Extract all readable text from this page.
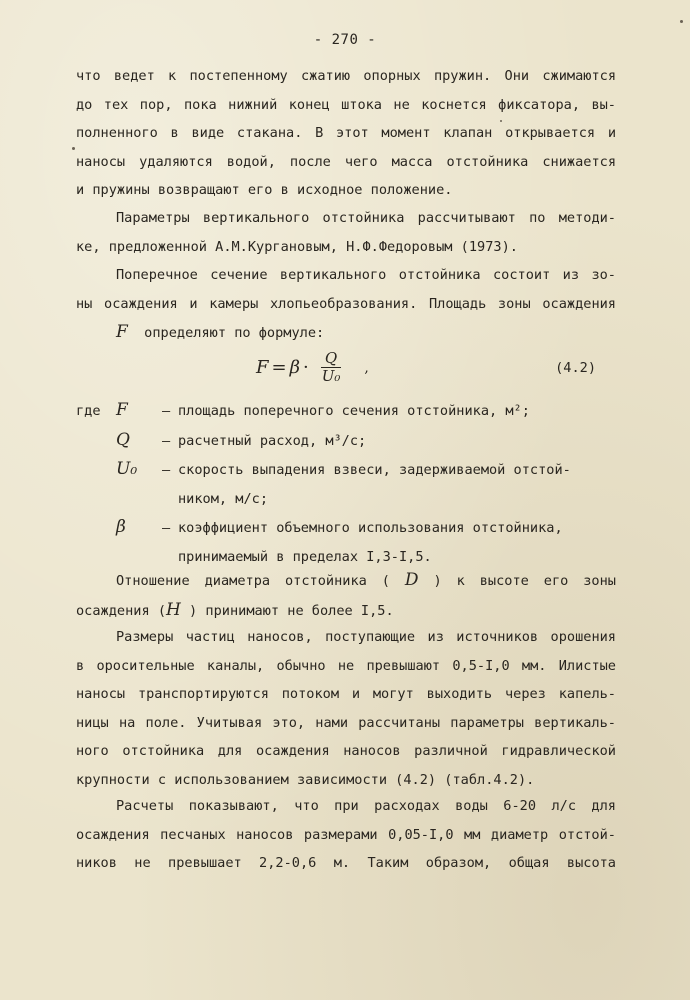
- 270 -
что ведет к постепенному сжатию опорных пружин. Они сжимаются
до тех пор, пока нижний конец штока не коснется фиксатора, вы-
полненного в виде стакана. В этот момент клапан открывается и
наносы удаляются водой, после чего масса отстойника снижается
и пружины возвращают его в исходное положение.
Параметры вертикального отстойника рассчитывают по методи-
ке, предложенной А.М.Кургановым, Н.Ф.Федоровым (1973).
Поперечное сечение вертикального отстойника состоит из зо-
ны осаждения и камеры хлопьеобразования. Площадь зоны осаждения
F определяют по формуле:
$F = \beta \cdot \frac{Q}{\text{U₀}}$ ,	(4.2)
где F	– площадь поперечного сечения отстойника, м²;
Q	– расчетный расход, м³/с;
U₀	– скорость выпадения взвеси, задерживаемой отстой-
ником, м/с;
β	– коэффициент объемного использования отстойника,
принимаемый в пределах I,3-I,5.
Отношение диаметра отстойника ( D ) к высоте его зоны
осаждения (H ) принимают не более I,5.
Размеры частиц наносов, поступающие из источников орошения
в оросительные каналы, обычно не превышают 0,5-I,0 мм. Илистые
наносы транспортируются потоком и могут выходить через капель-
ницы на поле. Учитывая это, нами рассчитаны параметры вертикаль-
ного отстойника для осаждения наносов различной гидравлической
крупности с использованием зависимости (4.2) (табл.4.2).
Расчеты показывают, что при расходах воды 6-20 л/с для
осаждения песчаных наносов размерами 0,05-I,0 мм диаметр отстой-
ников не превышает 2,2-0,6 м. Таким образом, общая высота
